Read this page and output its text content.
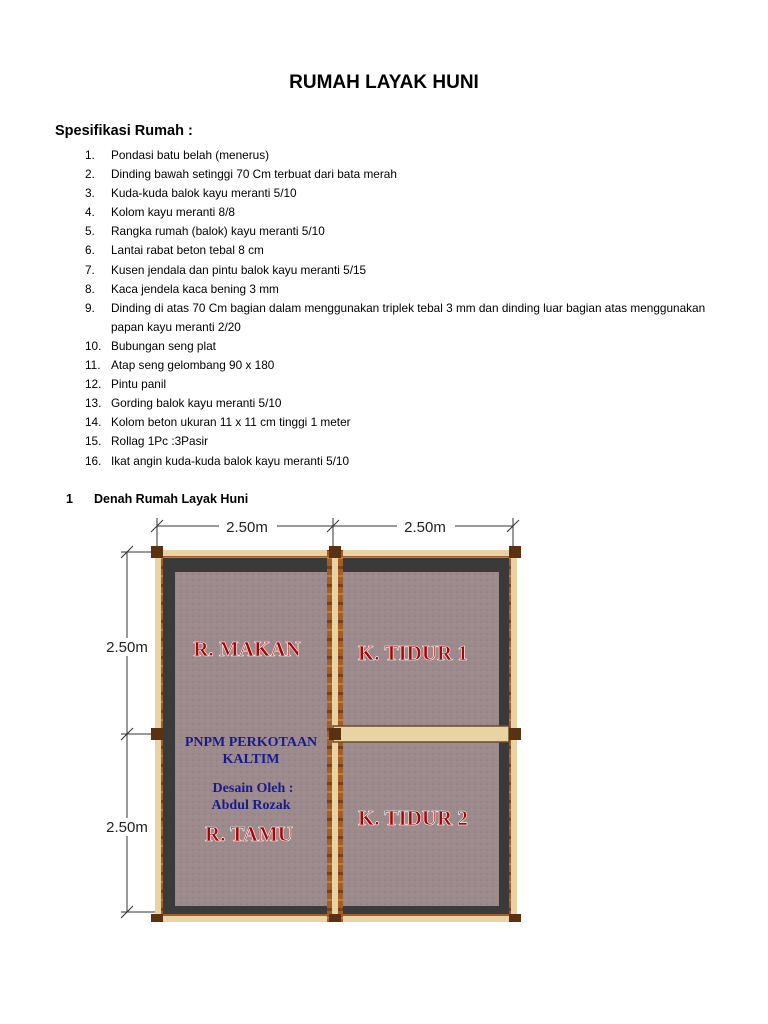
RUMAH LAYAK HUNI
Spesifikasi Rumah :
1. Pondasi batu belah (menerus)
2. Dinding bawah setinggi 70 Cm terbuat dari bata merah
3. Kuda-kuda balok kayu meranti 5/10
4. Kolom kayu meranti 8/8
5. Rangka rumah (balok) kayu meranti 5/10
6. Lantai rabat beton tebal 8 cm
7. Kusen jendala dan pintu balok kayu meranti 5/15
8. Kaca jendela kaca bening 3 mm
9. Dinding di atas 70 Cm bagian dalam menggunakan triplek tebal 3 mm dan dinding luar bagian atas menggunakan papan kayu meranti 2/20
10. Bubungan seng plat
11. Atap seng gelombang 90 x 180
12. Pintu panil
13. Gording balok kayu meranti 5/10
14. Kolom beton ukuran 11 x 11 cm tinggi 1 meter
15. Rollag 1Pc :3Pasir
16. Ikat angin kuda-kuda balok kayu meranti 5/10
1 Denah Rumah Layak Huni
2.50m	2.50m
2.50m
2.50m
R. MAKAN	K. TIDUR 1
K. TIDUR 2
R. TAMU
PNPM PERKOTAAN
KALTIM
Desain Oleh :
Abdul Rozak
